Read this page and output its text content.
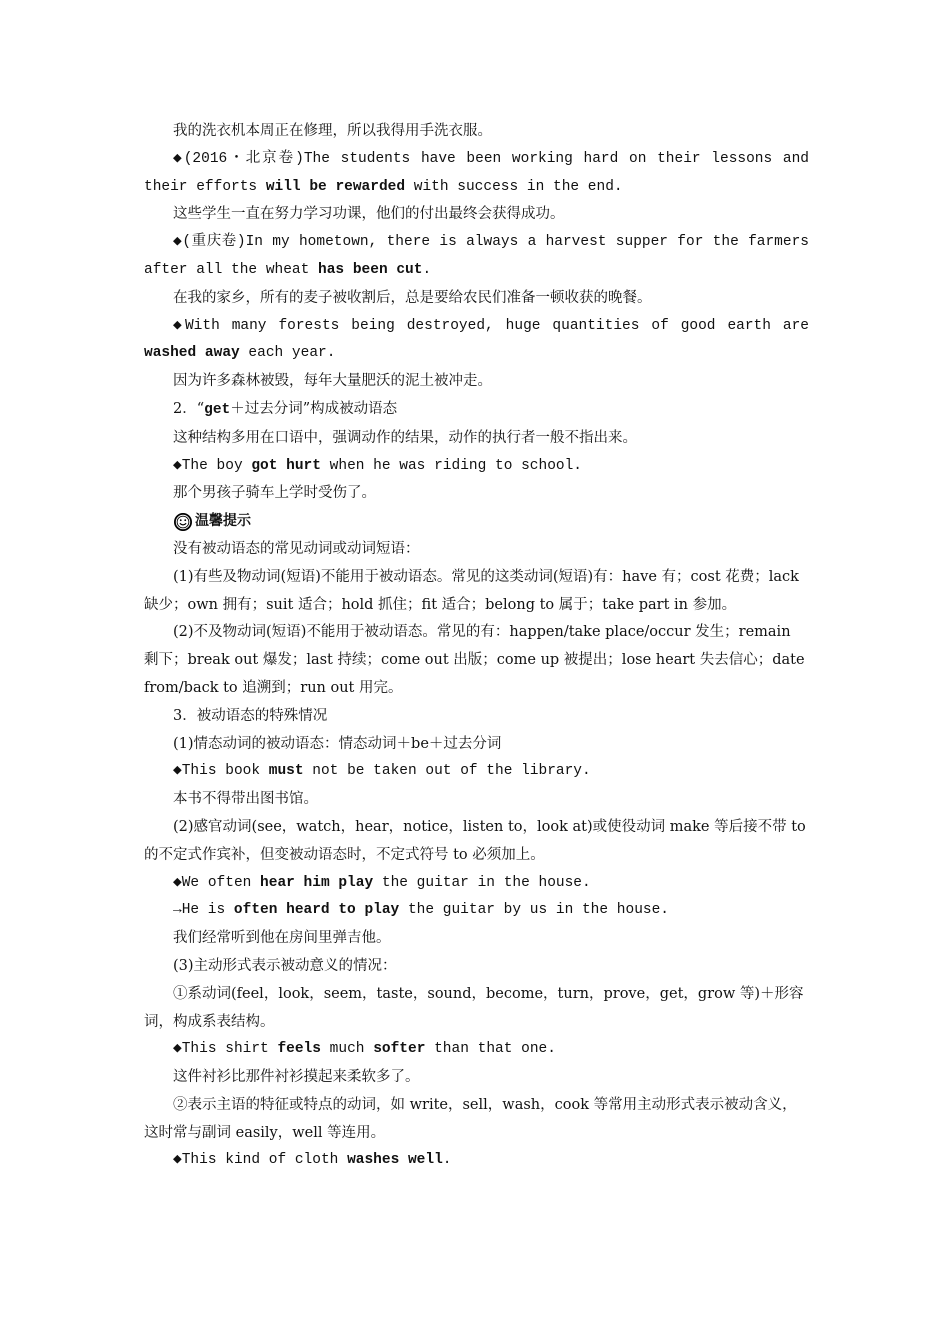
我的洗衣机本周正在修理，所以我得用手洗衣服。

◆(2016・北京卷)The students have been working hard on their lessons and their efforts will be rewarded with success in the end.

这些学生一直在努力学习功课，他们的付出最终会获得成功。

◆(重庆卷)In my hometown, there is always a harvest supper for the farmers after all the wheat has been cut.

在我的家乡，所有的麦子被收割后，总是要给农民们准备一顿收获的晚餐。

◆With many forests being destroyed, huge quantities of good earth are washed away each year.

因为许多森林被毁，每年大量肥沃的泥土被冲走。

2．“get＋过去分词”构成被动语态

这种结构多用在口语中，强调动作的结果，动作的执行者一般不指出来。

◆The boy got hurt when he was riding to school.

那个男孩子骑车上学时受伤了。

温馨提示

没有被动语态的常见动词或动词短语：

(1)有些及物动词(短语)不能用于被动语态。常见的这类动词(短语)有：have 有；cost 花费；lack 缺少；own 拥有；suit 适合；hold 抓住；fit 适合；belong to 属于；take part in 参加。

(2)不及物动词(短语)不能用于被动语态。常见的有：happen/take place/occur 发生；remain 剩下；break out 爆发；last 持续；come out 出版；come up 被提出；lose heart 失去信心；date from/back to 追溯到；run out 用完。

3．被动语态的特殊情况

(1)情态动词的被动语态：情态动词＋be＋过去分词

◆This book must not be taken out of the library.

本书不得带出图书馆。

(2)感官动词(see，watch，hear，notice，listen to，look at)或使役动词 make 等后接不带 to 的不定式作宾补，但变被动语态时，不定式符号 to 必须加上。

◆We often hear him play the guitar in the house.

→He is often heard to play the guitar by us in the house.

我们经常听到他在房间里弹吉他。

(3)主动形式表示被动意义的情况：

①系动词(feel，look，seem，taste，sound，become，turn，prove，get，grow 等)＋形容词，构成系表结构。

◆This shirt feels much softer than that one.

这件衬衫比那件衬衫摸起来柔软多了。

②表示主语的特征或特点的动词，如 write，sell，wash，cook 等常用主动形式表示被动含义，这时常与副词 easily，well 等连用。

◆This kind of cloth washes well.
